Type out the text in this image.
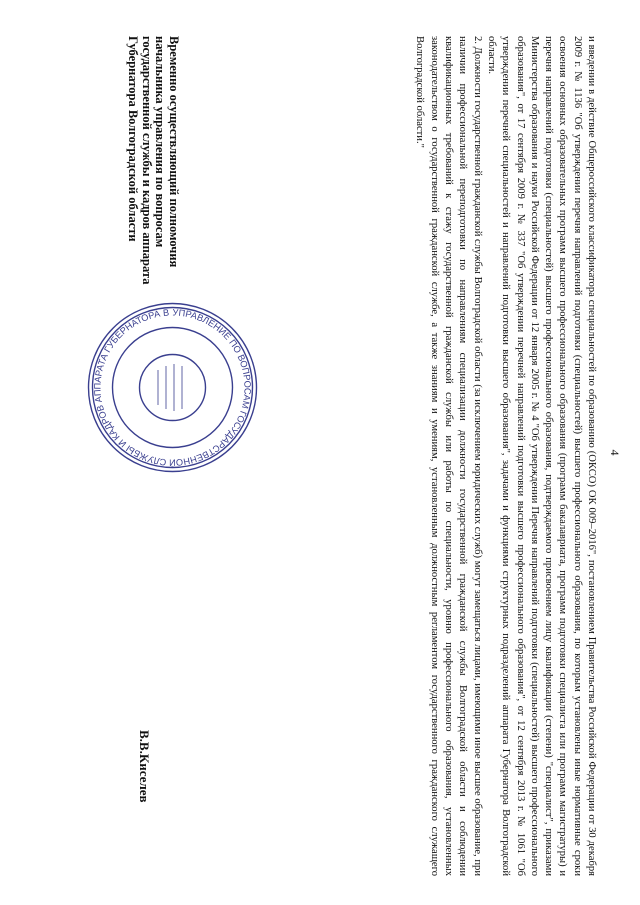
4

и введении в действие Общероссийского классификатора специальностей по образованию (ОКСО) ОК 009–2016", постановлением Правительства Российской Федерации от 30 декабря 2009 г. № 1136 "Об утверждении перечня направлений подготовки (специальностей) высшего профессионального образования, по которым установлены иные нормативные сроки освоения основных образовательных программ высшего профессионального образования (программ бакалавриата, программ подготовки специалиста или программ магистратуры) и перечня направлений подготовки (специальностей) высшего профессионального образования, подтверждаемого присвоением лицу квалификации (степени) "специалист", приказами Министерства образования и науки Российской Федерации от 12 января 2005 г. № 4 "Об утверждении Перечня направлений подготовки (специальностей) высшего профессионального образования", от 17 сентября 2009 г. № 337 "Об утверждении перечней направлений подготовки высшего профессионального образования", от 12 сентября 2013 г. № 1061 "Об утверждении перечней специальностей и направлений подготовки высшего образования", задачами и функциями структурных подразделений аппарата Губернатора Волгоградской области.

2. Должности государственной гражданской службы Волгоградской области (за исключением юридических служб) могут замещаться лицами, имеющими иное высшее образование, при наличии профессиональной переподготовки по направлениям специализации должности государственной гражданской службы Волгоградской области и соблюдении квалификационных требований к стажу государственной гражданской службы или работы по специальности, уровню профессионального образования, установленных законодательством о государственной гражданской службе, а также знаниям и умениям, установленным должностным регламентом государственного гражданского служащего Волгоградской области."

Временно осуществляющий полномочия
начальника управления по вопросам
государственной службы и кадров аппарата
Губернатора Волгоградской области
УПРАВЛЕНИЕ ПО ВОПРОСАМ ГОСУДАРСТВЕННОЙ СЛУЖБЫ И КАДРОВ АППАРАТА ГУБЕРНАТОРА В
В.В.Киселев
